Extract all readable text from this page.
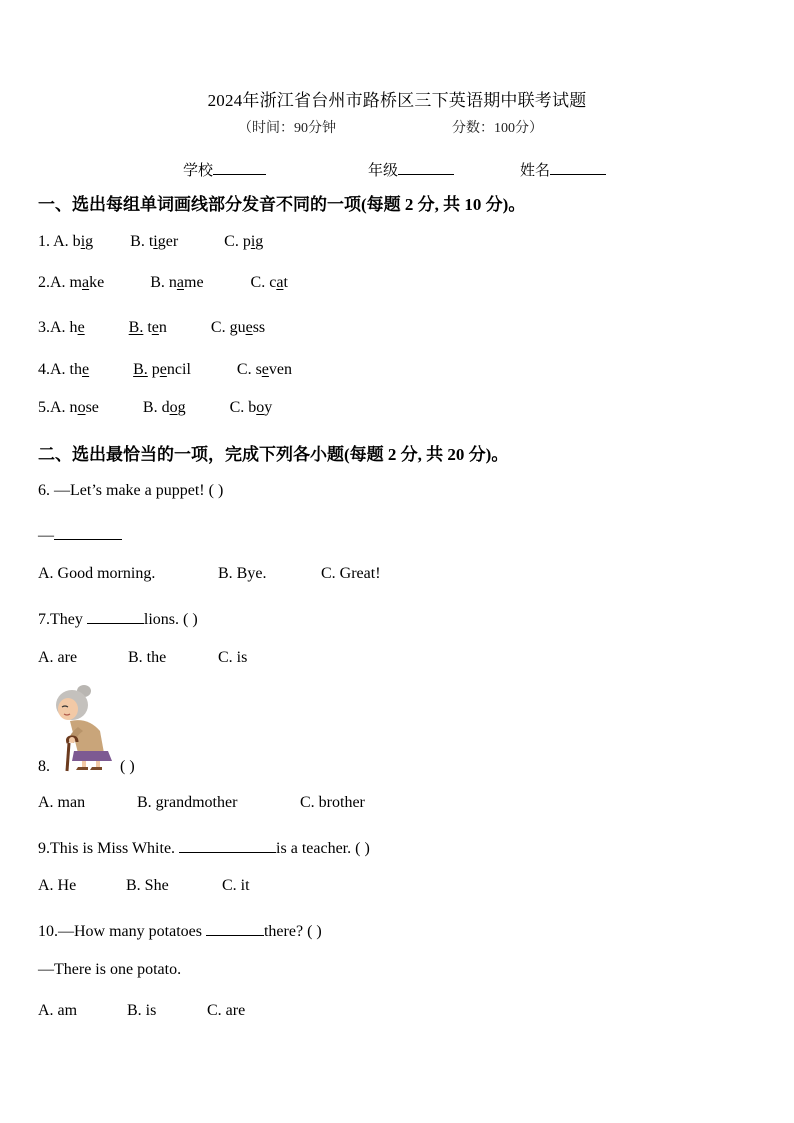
2024年浙江省台州市路桥区三下英语期中联考试题
（时间：90分钟	分数：100分）
学校	年级	姓名
一、选出每组单词画线部分发音不同的一项(每题 2 分, 共 10 分)。
1. A. big B. tiger	C. pig
2.A. make	B. name	C. cat
3.A. he	B. ten	C. guess
4.A. the	B. pencil	C. seven
5.A. nose	B. dog	C. boy
二、选出最恰当的一项，完成下列各小题(每题 2 分, 共 20 分)。
6. —Let’s make a puppet! ( )
—
A. Good morning.	B. Bye.	C. Great!
7.They	lions. ( )
A. are	B. the	C. is
8.	( )
A. man	B. grandmother	C. brother
9.This is Miss White.	is a teacher. ( )
A. He	B. She	C. it
10.—How many potatoes	there? ( )
—There is one potato.
A. am	B. is	C. are
